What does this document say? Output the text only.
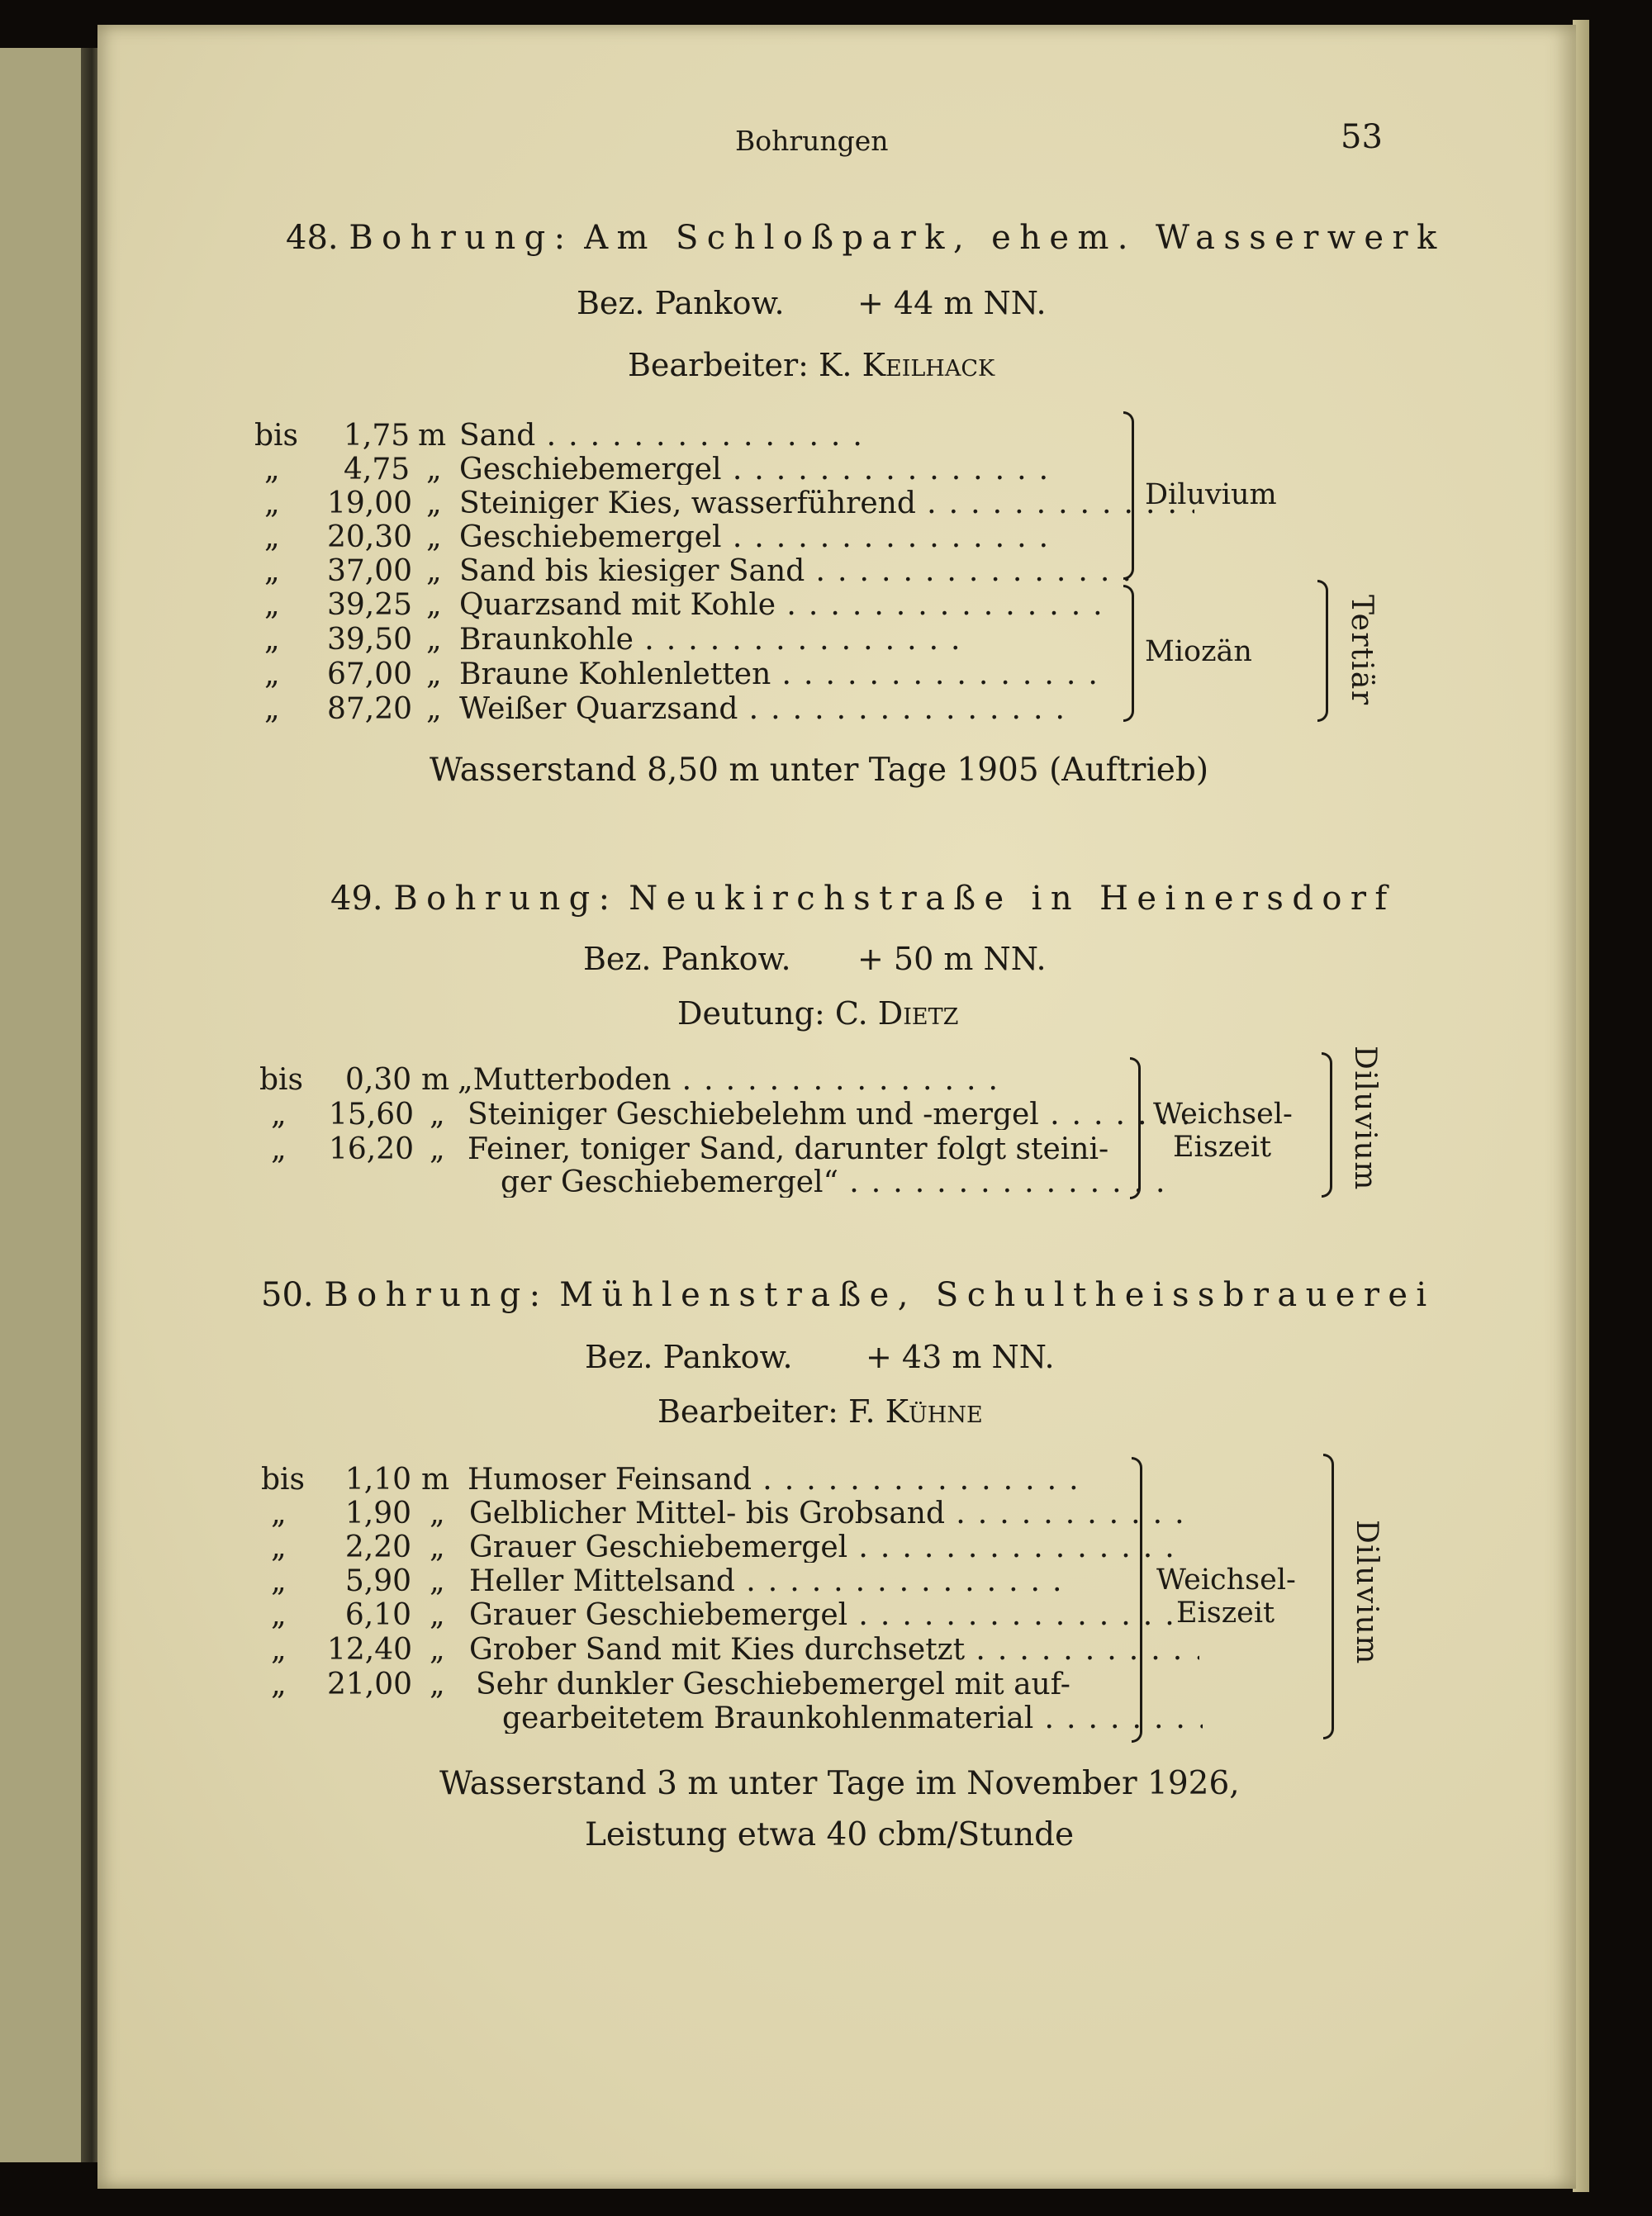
Bohrungen	53
48. Bohrung: Am Schloßpark, ehem. Wasserwerk
Bez. Pankow. + 44 m NN.
Bearbeiter: K. Keilhack
bis 1,75 m Sand . .
„ 4,75 „ Geschiebemergel . .
„ 19,00 „ Steiniger Kies, wasserführend . .
„ 20,30 „ Geschiebemergel . .
„ 37,00 „ Sand bis kiesiger Sand . .
„ 39,25 „ Quarzsand mit Kohle . .
„ 39,50 „ Braunkohle . .
„ 67,00 „ Braune Kohlenletten . .
„ 87,20 „ Weißer Quarzsand . .
Diluvium
Miozän	Tertiär
Wasserstand 8,50 m unter Tage 1905 (Auftrieb)
49. Bohrung: Neukirchstraße in Heinersdorf
Bez. Pankow. + 50 m NN.
Deutung: C. Dietz
bis 0,30 m „Mutterboden . .
„ 15,60 „ Steiniger Geschiebelehm und -mergel . .
„ 16,20 „ Feiner, toniger Sand, darunter folgt steini-
ger Geschiebemergel“ . .
Weichsel-
Eiszeit	Diluvium
50. Bohrung: Mühlenstraße, Schultheissbrauerei
Bez. Pankow. + 43 m NN.
Bearbeiter: F. Kühne
bis 1,10 m Humoser Feinsand . .
„ 1,90 „ Gelblicher Mittel- bis Grobsand . .
„ 2,20 „ Grauer Geschiebemergel . .
„ 5,90 „ Heller Mittelsand . .
„ 6,10 „ Grauer Geschiebemergel . .
„ 12,40 „ Grober Sand mit Kies durchsetzt . .
„ 21,00 „ Sehr dunkler Geschiebemergel mit auf-
gearbeitetem Braunkohlenmaterial . .
Weichsel-
Eiszeit	Diluvium
Wasserstand 3 m unter Tage im November 1926,
Leistung etwa 40 cbm/Stunde
